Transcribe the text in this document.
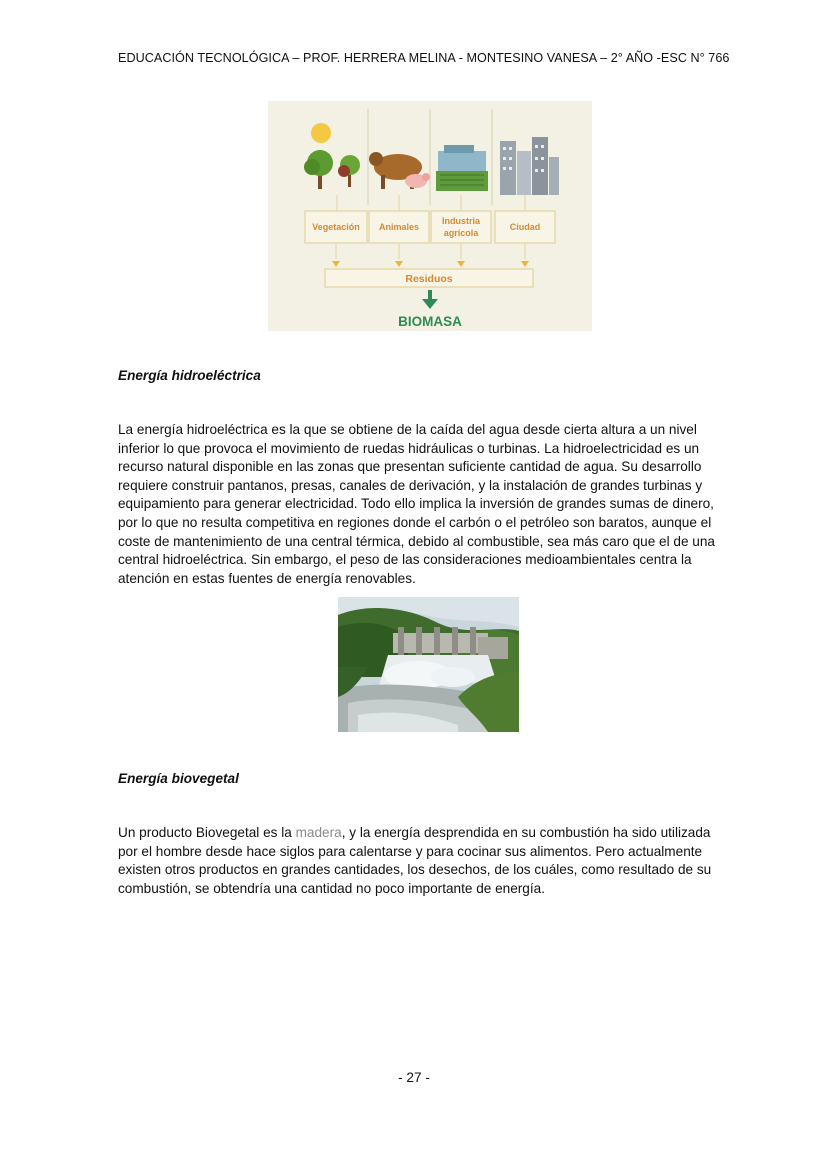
EDUCACIÓN TECNOLÓGICA – PROF. HERRERA MELINA - MONTESINO VANESA – 2° AÑO -ESC N° 766
Vegetación Animales
Industria
agrícola
Ciudad
Residuos
BIOMASA
Energía hidroeléctrica

La energía hidroeléctrica es la que se obtiene de la caída del agua desde cierta altura a un nivel
inferior lo que provoca el movimiento de ruedas hidráulicas o turbinas. La hidroelectricidad es un
recurso natural disponible en las zonas que presentan suficiente cantidad de agua. Su desarrollo
requiere construir pantanos, presas, canales de derivación, y la instalación de grandes turbinas y
equipamiento para generar electricidad. Todo ello implica la inversión de grandes sumas de dinero,
por lo que no resulta competitiva en regiones donde el carbón o el petróleo son baratos, aunque el
coste de mantenimiento de una central térmica, debido al combustible, sea más caro que el de una
central hidroeléctrica. Sin embargo, el peso de las consideraciones medioambientales centra la
atención en estas fuentes de energía renovables.

Energía biovegetal

Un producto Biovegetal es la madera, y la energía desprendida en su combustión ha sido utilizada
por el hombre desde hace siglos para calentarse y para cocinar sus alimentos. Pero actualmente
existen otros productos en grandes cantidades, los desechos, de los cuáles, como resultado de su
combustión, se obtendría una cantidad no poco importante de energía.

- 27 -
